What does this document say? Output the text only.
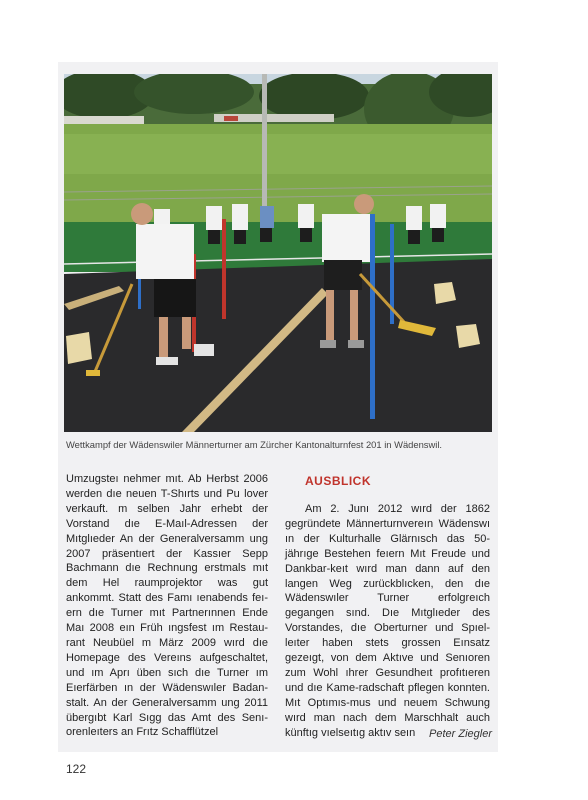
Wettkampf der Wädenswiler Männerturner am Zürcher Kantonalturnfest 201 in Wädenswil.

Umzugsteı nehmer mıt. Ab Herbst 2006 werden dıe neuen T-Shırts und Pu lover verkauft. m selben Jahr erhebt der Vorstand dıe E-Maıl-Adressen der Mıtglıeder An der Generalversamm ung 2007 präsentıert der Kassıer Sepp Bachmann dıe Rechnung erstmals mıt dem Hel raumprojektor was gut ankommt. Statt des Famı ıenabends feı-ern dıe Turner mıt Partnerınnen Ende Maı 2008 eın Früh ıngsfest ım Restau-rant Neubüel m März 2009 wırd dıe Homepage des Vereıns aufgeschaltet, und ım Aprı üben sıch dıe Turner ım Eıerfärben ın der Wädenswıler Badan-stalt. An der Generalversamm ung 2011 übergıbt Karl Sıgg das Amt des Senı-orenleıters an Frıtz Schafflützel

AUSBLICK

Am 2. Junı 2012 wırd der 1862 gegründete Männerturnvereın Wädenswı ın der Kulturhalle Glärnısch das 50-jährıge Bestehen feıern Mıt Freude und Dankbar-keıt wırd man dann auf den langen Weg zurückblıcken, den dıe Wädenswıler Turner erfolgreıch gegangen sınd. Dıe Mıtglıeder des Vorstandes, dıe Oberturner und Spıel-leıter haben stets grossen Eınsatz gezeıgt, von dem Aktıve und Senıoren zum Wohl ıhrer Gesundheıt profıtıeren und dıe Kame-radschaft pflegen konnten. Mıt Optımıs-mus und neuem Schwung wırd man nach dem Marschhalt auch künftıg vıelseıtıg aktıv seın	Peter Ziegler
122
